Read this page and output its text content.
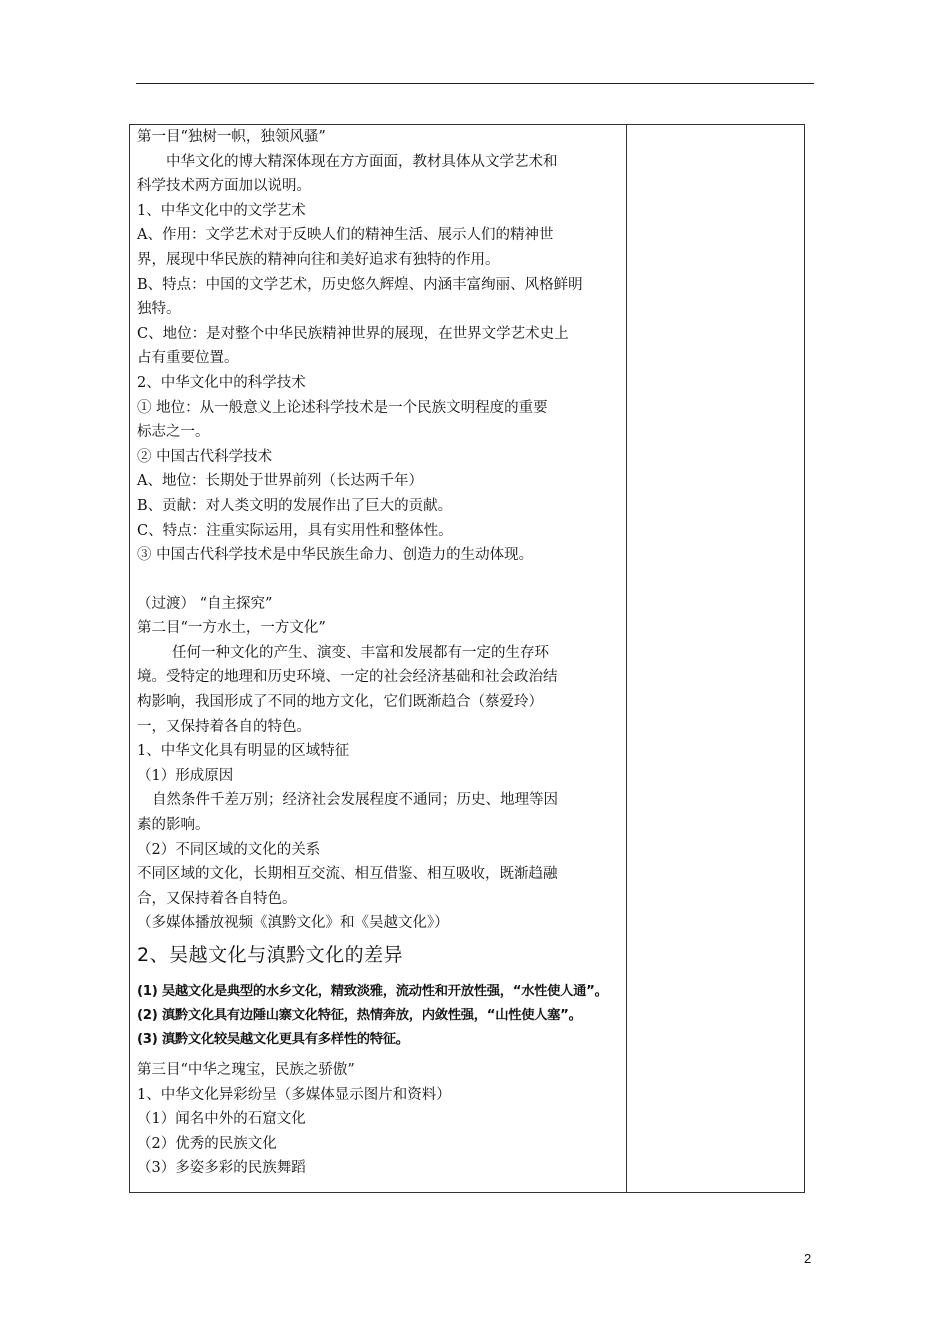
第一目“独树一帜，独领风骚”
中华文化的博大精深体现在方方面面，教材具体从文学艺术和
科学技术两方面加以说明。
1、中华文化中的文学艺术
A、作用：文学艺术对于反映人们的精神生活、展示人们的精神世
界，展现中华民族的精神向往和美好追求有独特的作用。
B、特点：中国的文学艺术，历史悠久辉煌、内涵丰富绚丽、风格鲜明
独特。
C、地位：是对整个中华民族精神世界的展现，在世界文学艺术史上
占有重要位置。
2、中华文化中的科学技术
① 地位：从一般意义上论述科学技术是一个民族文明程度的重要
标志之一。
② 中国古代科学技术
A、地位：长期处于世界前列（长达两千年）
B、贡献：对人类文明的发展作出了巨大的贡献。
C、特点：注重实际运用，具有实用性和整体性。
③ 中国古代科学技术是中华民族生命力、创造力的生动体现。
（过渡） “自主探究”
第二目“一方水土，一方文化”
任何一种文化的产生、演变、丰富和发展都有一定的生存环
境。受特定的地理和历史环境、一定的社会经济基础和社会政治结
构影响，我国形成了不同的地方文化，它们既渐趋合（蔡爱玲）
一，又保持着各自的特色。
1、中华文化具有明显的区域特征
（1）形成原因
自然条件千差万别；经济社会发展程度不通同；历史、地理等因
素的影响。
（2）不同区域的文化的关系
不同区域的文化，长期相互交流、相互借鉴、相互吸收，既渐趋融
合，又保持着各自特色。
（多媒体播放视频《滇黔文化》和《吴越文化》）
2、吴越文化与滇黔文化的差异
(1) 吴越文化是典型的水乡文化，精致淡雅，流动性和开放性强，“水性使人通”。
(2) 滇黔文化具有边陲山寨文化特征，热情奔放，内敛性强，“山性使人塞”。
(3) 滇黔文化较吴越文化更具有多样性的特征。
第三目“中华之瑰宝，民族之骄傲”
1、中华文化异彩纷呈（多媒体显示图片和资料）
（1）闻名中外的石窟文化
（2）优秀的民族文化
（3）多姿多彩的民族舞蹈
2
